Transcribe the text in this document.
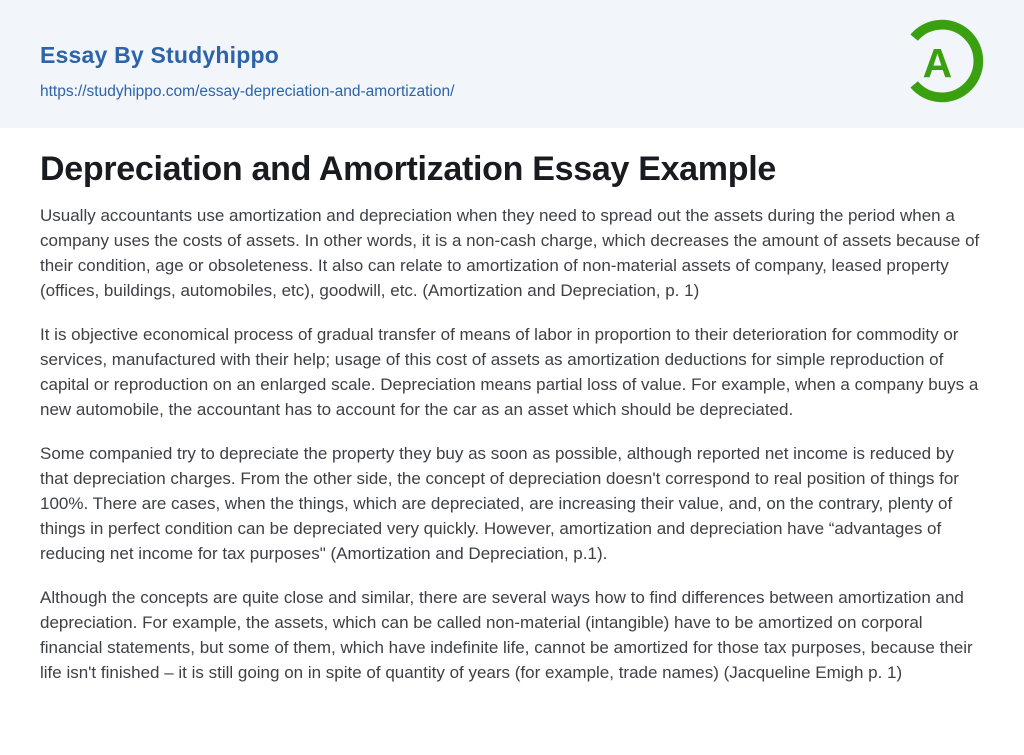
Essay By Studyhippo
https://studyhippo.com/essay-depreciation-and-amortization/
A
Depreciation and Amortization Essay Example

Usually accountants use amortization and depreciation when they need to spread out the assets during the period when a company uses the costs of assets. In other words, it is a non-cash charge, which decreases the amount of assets because of their condition, age or obsoleteness. It also can relate to amortization of non-material assets of company, leased property (offices, buildings, automobiles, etc), goodwill, etc. (Amortization and Depreciation, p. 1)

It is objective economical process of gradual transfer of means of labor in proportion to their deterioration for commodity or services, manufactured with their help; usage of this cost of assets as amortization deductions for simple reproduction of capital or reproduction on an enlarged scale. Depreciation means partial loss of value. For example, when a company buys a new automobile, the accountant has to account for the car as an asset which should be depreciated.

Some companied try to depreciate the property they buy as soon as possible, although reported net income is reduced by that depreciation charges. From the other side, the concept of depreciation doesn't correspond to real position of things for 100%. There are cases, when the things, which are depreciated, are increasing their value, and, on the contrary, plenty of things in perfect condition can be depreciated very quickly. However, amortization and depreciation have “advantages of reducing net income for tax purposes" (Amortization and Depreciation, p.1).

Although the concepts are quite close and similar, there are several ways how to find differences between amortization and depreciation. For example, the assets, which can be called non-material (intangible) have to be amortized on corporal financial statements, but some of them, which have indefinite life, cannot be amortized for those tax purposes, because their life isn't finished – it is still going on in spite of quantity of years (for example, trade names) (Jacqueline Emigh p. 1)
